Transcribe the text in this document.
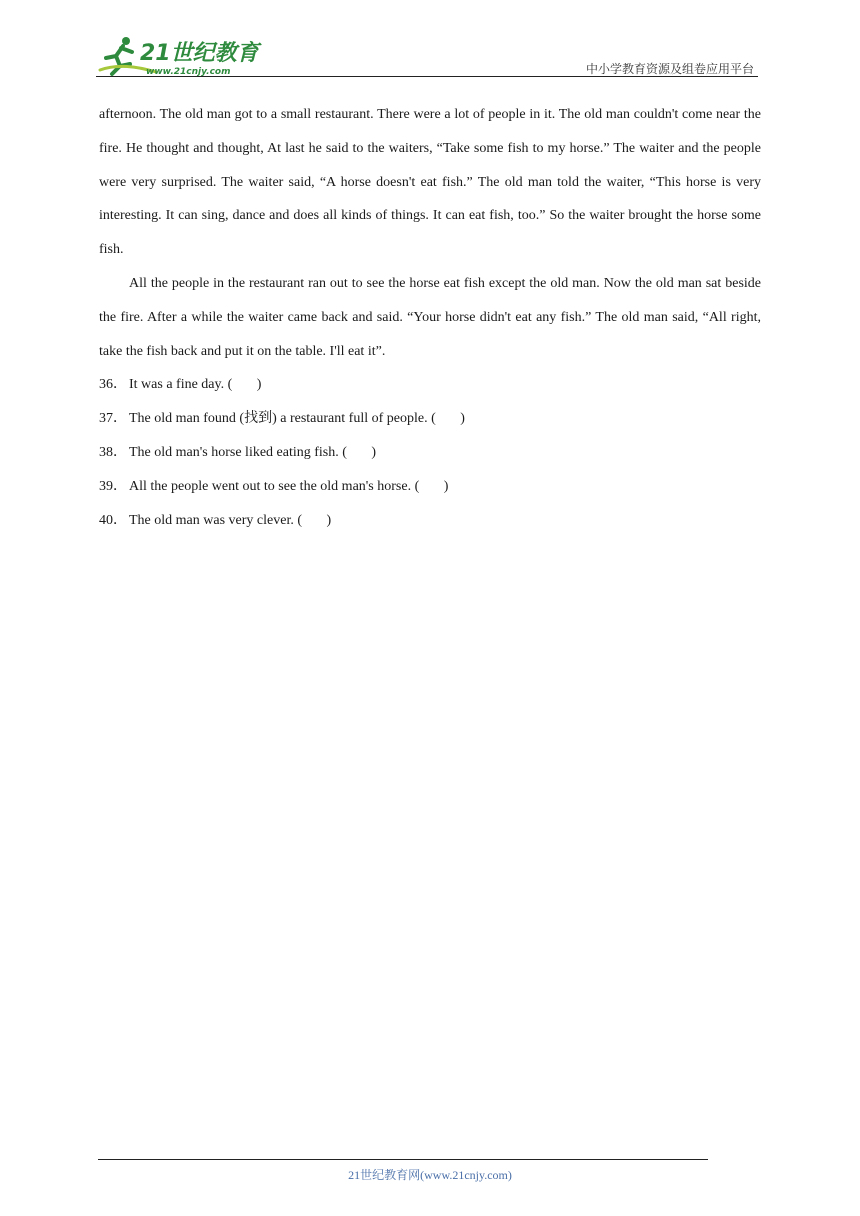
21世纪教育
www.21cnjy.com	中小学教育资源及组卷应用平台

afternoon. The old man got to a small restaurant. There were a lot of people in it. The old man couldn't come near the fire. He thought and thought, At last he said to the waiters, “Take some fish to my horse.” The waiter and the people were very surprised. The waiter said, “A horse doesn't eat fish.” The old man told the waiter, “This horse is very interesting. It can sing, dance and does all kinds of things. It can eat fish, too.” So the waiter brought the horse some fish.

All the people in the restaurant ran out to see the horse eat fish except the old man. Now the old man sat beside the fire. After a while the waiter came back and said. “Your horse didn't eat any fish.” The old man said, “All right, take the fish back and put it on the table. I'll eat it”.

36． It was a fine day. (       )
37． The old man found (找到) a restaurant full of people. (       )
38． The old man's horse liked eating fish. (       )
39． All the people went out to see the old man's horse. (       )
40． The old man was very clever. (       )
21世纪教育网(www.21cnjy.com)
